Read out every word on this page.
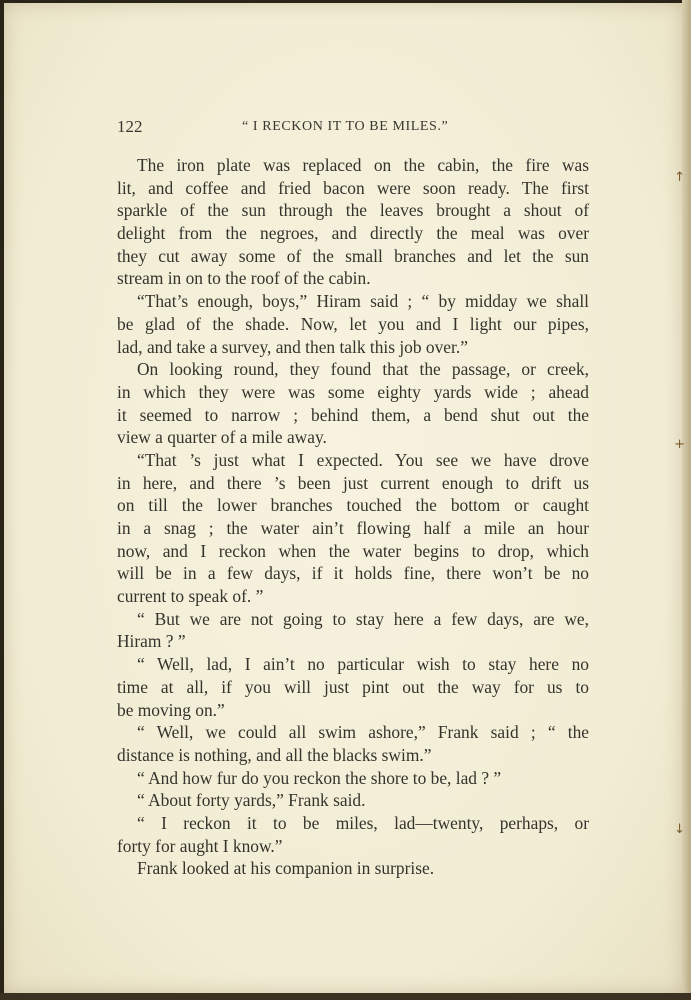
122	“ I RECKON IT TO BE MILES.”
The iron plate was replaced on the cabin, the fire was
lit, and coffee and fried bacon were soon ready. The first
sparkle of the sun through the leaves brought a shout of
delight from the negroes, and directly the meal was over
they cut away some of the small branches and let the sun
stream in on to the roof of the cabin.
“That’s enough, boys,” Hiram said ; “ by midday we shall
be glad of the shade. Now, let you and I light our pipes,
lad, and take a survey, and then talk this job over.”
On looking round, they found that the passage, or creek,
in which they were was some eighty yards wide ; ahead
it seemed to narrow ; behind them, a bend shut out the
view a quarter of a mile away.
“That ’s just what I expected. You see we have drove
in here, and there ’s been just current enough to drift us
on till the lower branches touched the bottom or caught
in a snag ; the water ain’t flowing half a mile an hour
now, and I reckon when the water begins to drop, which
will be in a few days, if it holds fine, there won’t be no
current to speak of. ”
“ But we are not going to stay here a few days, are we,
Hiram ? ”
“ Well, lad, I ain’t no particular wish to stay here no
time at all, if you will just pint out the way for us to
be moving on.”
“ Well, we could all swim ashore,” Frank said ; “ the
distance is nothing, and all the blacks swim.”
“ And how fur do you reckon the shore to be, lad ? ”
“ About forty yards,” Frank said.
“ I reckon it to be miles, lad—twenty, perhaps, or
forty for aught I know.”
Frank looked at his companion in surprise.
↑
+
↓
